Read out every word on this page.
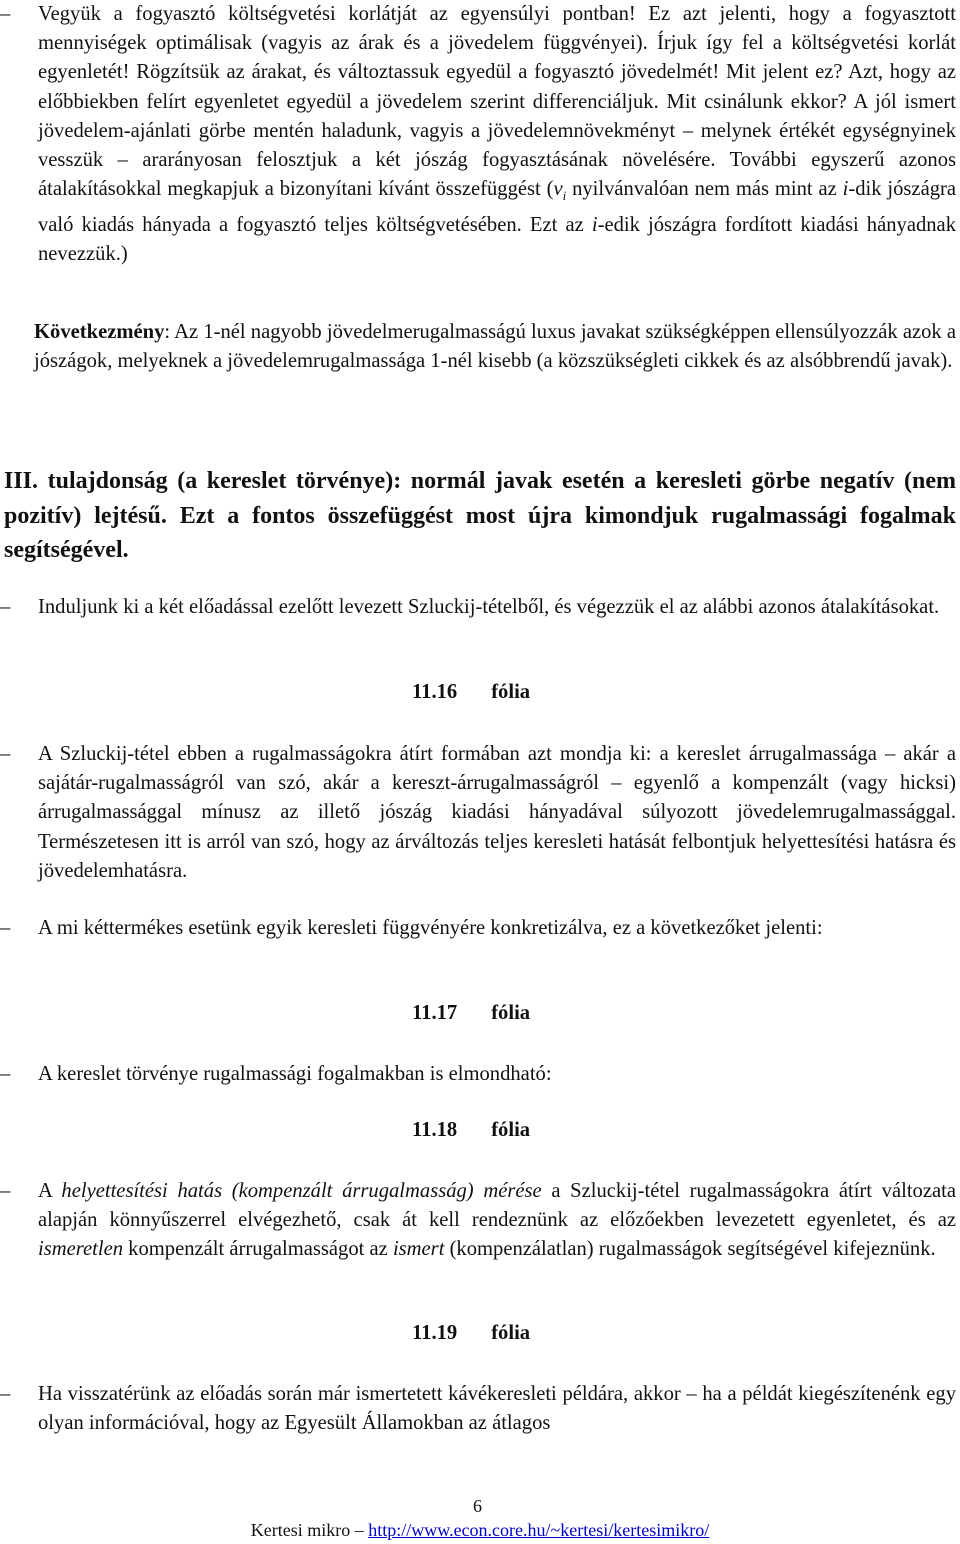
– Vegyük a fogyasztó költségvetési korlátját az egyensúlyi pontban! Ez azt jelenti, hogy a fogyasztott mennyiségek optimálisak (vagyis az árak és a jövedelem függvényei). Írjuk így fel a költségvetési korlát egyenletét! Rögzítsük az árakat, és változtassuk egyedül a fogyasztó jövedelmét! Mit jelent ez? Azt, hogy az előbbiekben felírt egyenletet egyedül a jövedelem szerint differenciáljuk. Mit csinálunk ekkor? A jól ismert jövedelem-ajánlati görbe mentén haladunk, vagyis a jövedelemnövekményt – melynek értékét egységnyinek vesszük – ararányosan felosztjuk a két jószág fogyasztásának növelésére. További egyszerű azonos átalakításokkal megkapjuk a bizonyítani kívánt összefüggést ($v_i$ nyilvánvalóan nem más mint az i-dik jószágra való kiadás hányada a fogyasztó teljes költségvetésében. Ezt az i-edik jószágra fordított kiadási hányadnak nevezzük.)

Következmény: Az 1-nél nagyobb jövedelmerugalmasságú luxus javakat szükségképpen ellensúlyozzák azok a jószágok, melyeknek a jövedelemrugalmassága 1-nél kisebb (a közszükségleti cikkek és az alsóbbrendű javak).

III. tulajdonság (a kereslet törvénye): normál javak esetén a keresleti görbe negatív (nem pozitív) lejtésű. Ezt a fontos összefüggést most újra kimondjuk rugalmassági fogalmak segítségével.

– Induljunk ki a két előadással ezelőtt levezett Szluckij-tételből, és végezzük el az alábbi azonos átalakításokat.

11.16 fólia

– A Szluckij-tétel ebben a rugalmasságokra átírt formában azt mondja ki: a kereslet árrugalmassága – akár a sajátár-rugalmasságról van szó, akár a kereszt-árrugalmasságról – egyenlő a kompenzált (vagy hicksi) árrugalmassággal mínusz az illető jószág kiadási hányadával súlyozott jövedelemrugalmassággal. Természetesen itt is arról van szó, hogy az árváltozás teljes keresleti hatását felbontjuk helyettesítési hatásra és jövedelemhatásra.

– A mi kéttermékes esetünk egyik keresleti függvényére konkretizálva, ez a következőket jelenti:

11.17 fólia

– A kereslet törvénye rugalmassági fogalmakban is elmondható:

11.18 fólia

– A helyettesítési hatás (kompenzált árrugalmasság) mérése a Szluckij-tétel rugalmasságokra átírt változata alapján könnyűszerrel elvégezhető, csak át kell rendeznünk az előzőekben levezetett egyenletet, és az ismeretlen kompenzált árrugalmasságot az ismert (kompenzálatlan) rugalmasságok segítségével kifejeznünk.

11.19 fólia

– Ha visszatérünk az előadás során már ismertetett kávékeresleti példára, akkor – ha a példát kiegészítenénk egy olyan információval, hogy az Egyesült Államokban az átlagos

6
Kertesi mikro – http://www.econ.core.hu/~kertesi/kertesimikro/
